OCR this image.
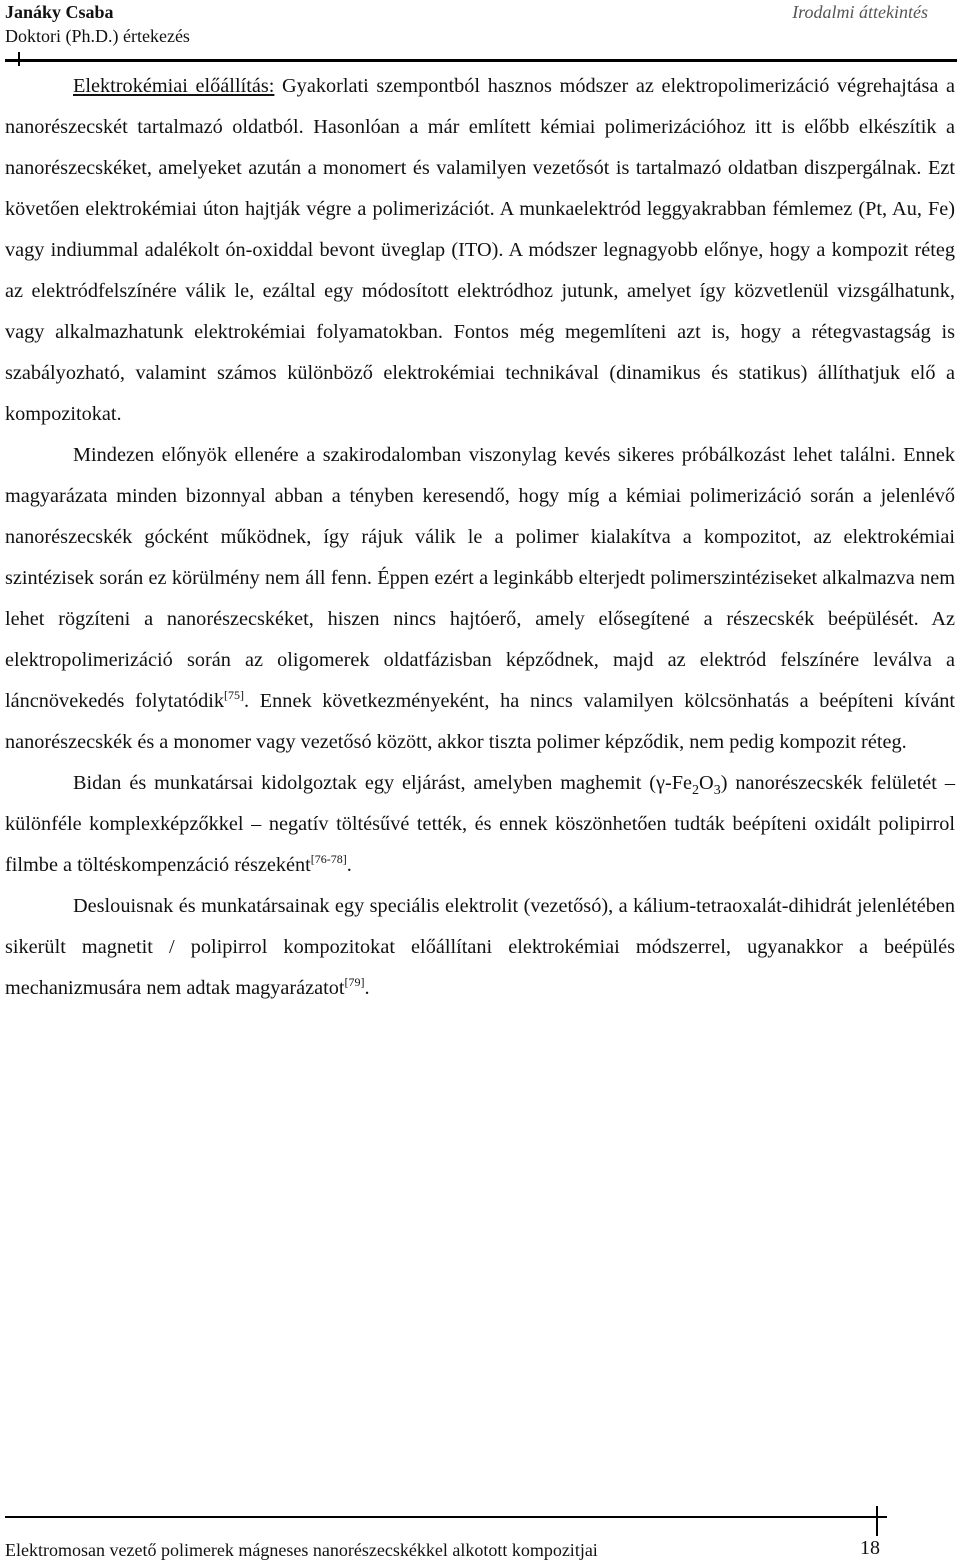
Janáky Csaba
Doktori (Ph.D.) értekezés
Irodalmi áttekintés

Elektrokémiai előállítás: Gyakorlati szempontból hasznos módszer az elektropolimerizáció végrehajtása a nanorészecskét tartalmazó oldatból. Hasonlóan a már említett kémiai polimerizációhoz itt is előbb elkészítik a nanorészecskéket, amelyeket azután a monomert és valamilyen vezetősót is tartalmazó oldatban diszpergálnak. Ezt követően elektrokémiai úton hajtják végre a polimerizációt. A munkaelektród leggyakrabban fémlemez (Pt, Au, Fe) vagy indiummal adalékolt ón-oxiddal bevont üveglap (ITO). A módszer legnagyobb előnye, hogy a kompozit réteg az elektródfelszínére válik le, ezáltal egy módosított elektródhoz jutunk, amelyet így közvetlenül vizsgálhatunk, vagy alkalmazhatunk elektrokémiai folyamatokban. Fontos még megemlíteni azt is, hogy a rétegvastagság is szabályozható, valamint számos különböző elektrokémiai technikával (dinamikus és statikus) állíthatjuk elő a kompozitokat.

Mindezen előnyök ellenére a szakirodalomban viszonylag kevés sikeres próbálkozást lehet találni. Ennek magyarázata minden bizonnyal abban a tényben keresendő, hogy míg a kémiai polimerizáció során a jelenlévő nanorészecskék gócként működnek, így rájuk válik le a polimer kialakítva a kompozitot, az elektrokémiai szintézisek során ez körülmény nem áll fenn. Éppen ezért a leginkább elterjedt polimerszintéziseket alkalmazva nem lehet rögzíteni a nanorészecskéket, hiszen nincs hajtóerő, amely elősegítené a részecskék beépülését. Az elektropolimerizáció során az oligomerek oldatfázisban képződnek, majd az elektród felszínére leválva a láncnövekedés folytatódik[75]. Ennek következményeként, ha nincs valamilyen kölcsönhatás a beépíteni kívánt nanorészecskék és a monomer vagy vezetősó között, akkor tiszta polimer képződik, nem pedig kompozit réteg.

Bidan és munkatársai kidolgoztak egy eljárást, amelyben maghemit $(\gamma-Fe_2O_3)$ nanorészecskék felületét – különféle komplexképzőkkel – negatív töltésűvé tették, és ennek köszönhetően tudták beépíteni oxidált polipirrol filmbe a töltéskompenzáció részeként[76-78].

Deslouisnak és munkatársainak egy speciális elektrolit (vezetősó), a kálium-tetraoxalát-dihidrát jelenlétében sikerült magnetit / polipirrol kompozitokat előállítani elektrokémiai módszerrel, ugyanakkor a beépülés mechanizmusára nem adtak magyarázatot[79].

Elektromosan vezető polimerek mágneses nanorészecskékkel alkotott kompozitjai	18
